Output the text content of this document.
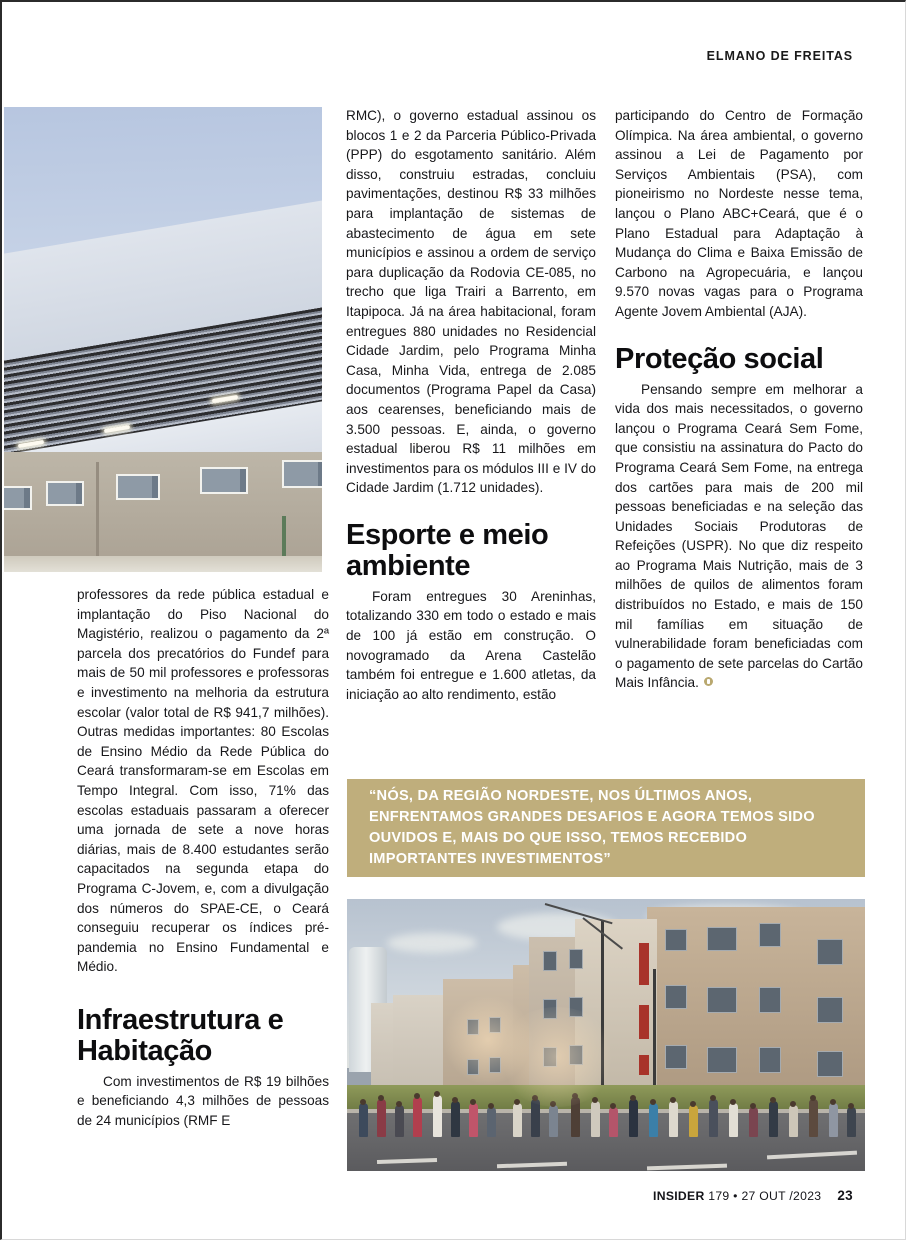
ELMANO DE FREITAS

professores da rede pública estadual e implantação do Piso Nacional do Magistério, realizou o pagamento da 2ª parcela dos precatórios do Fundef para mais de 50 mil professores e professoras e investimento na melhoria da estrutura escolar (valor total de R$ 941,7 milhões). Outras medidas importantes: 80 Escolas de Ensino Médio da Rede Pública do Ceará transformaram-se em Escolas em Tempo Integral. Com isso, 71% das escolas estaduais passaram a oferecer uma jornada de sete a nove horas diárias, mais de 8.400 estudantes serão capacitados na segunda etapa do Programa C-Jovem, e, com a divulgação dos números do SPAE-CE, o Ceará conseguiu recuperar os índices pré-pandemia no Ensino Fundamental e Médio.

Infraestrutura e Habitação

Com investimentos de R$ 19 bilhões e beneficiando 4,3 milhões de pessoas de 24 municípios (RMF E

RMC), o governo estadual assinou os blocos 1 e 2 da Parceria Público-Privada (PPP) do esgotamento sanitário. Além disso, construiu estradas, concluiu pavimentações, destinou R$ 33 milhões para implantação de sistemas de abastecimento de água em sete municípios e assinou a ordem de serviço para duplicação da Rodovia CE-085, no trecho que liga Trairi a Barrento, em Itapipoca. Já na área habitacional, foram entregues 880 unidades no Residencial Cidade Jardim, pelo Programa Minha Casa, Minha Vida, entrega de 2.085 documentos (Programa Papel da Casa) aos cearenses, beneficiando mais de 3.500 pessoas. E, ainda, o governo estadual liberou R$ 11 milhões em investimentos para os módulos III e IV do Cidade Jardim (1.712 unidades).

Esporte e meio ambiente

Foram entregues 30 Areninhas, totalizando 330 em todo o estado e mais de 100 já estão em construção. O novogramado da Arena Castelão também foi entregue e 1.600 atletas, da iniciação ao alto rendimento, estão

participando do Centro de Formação Olímpica. Na área ambiental, o governo assinou a Lei de Pagamento por Serviços Ambientais (PSA), com pioneirismo no Nordeste nesse tema, lançou o Plano ABC+Ceará, que é o Plano Estadual para Adaptação à Mudança do Clima e Baixa Emissão de Carbono na Agropecuária, e lançou 9.570 novas vagas para o Programa Agente Jovem Ambiental (AJA).

Proteção social

Pensando sempre em melhorar a vida dos mais necessitados, o governo lançou o Programa Ceará Sem Fome, que consistiu na assinatura do Pacto do Programa Ceará Sem Fome, na entrega dos cartões para mais de 200 mil pessoas beneficiadas e na seleção das Unidades Sociais Produtoras de Refeições (USPR). No que diz respeito ao Programa Mais Nutrição, mais de 3 milhões de quilos de alimentos foram distribuídos no Estado, e mais de 150 mil famílias em situação de vulnerabilidade foram beneficiadas com o pagamento de sete parcelas do Cartão Mais Infância.

“NÓS, DA REGIÃO NORDESTE, NOS ÚLTIMOS ANOS, ENFRENTAMOS GRANDES DESAFIOS E AGORA TEMOS SIDO OUVIDOS E, MAIS DO QUE ISSO, TEMOS RECEBIDO IMPORTANTES INVESTIMENTOS”
INSIDER 179 • 27 OUT /2023 23
